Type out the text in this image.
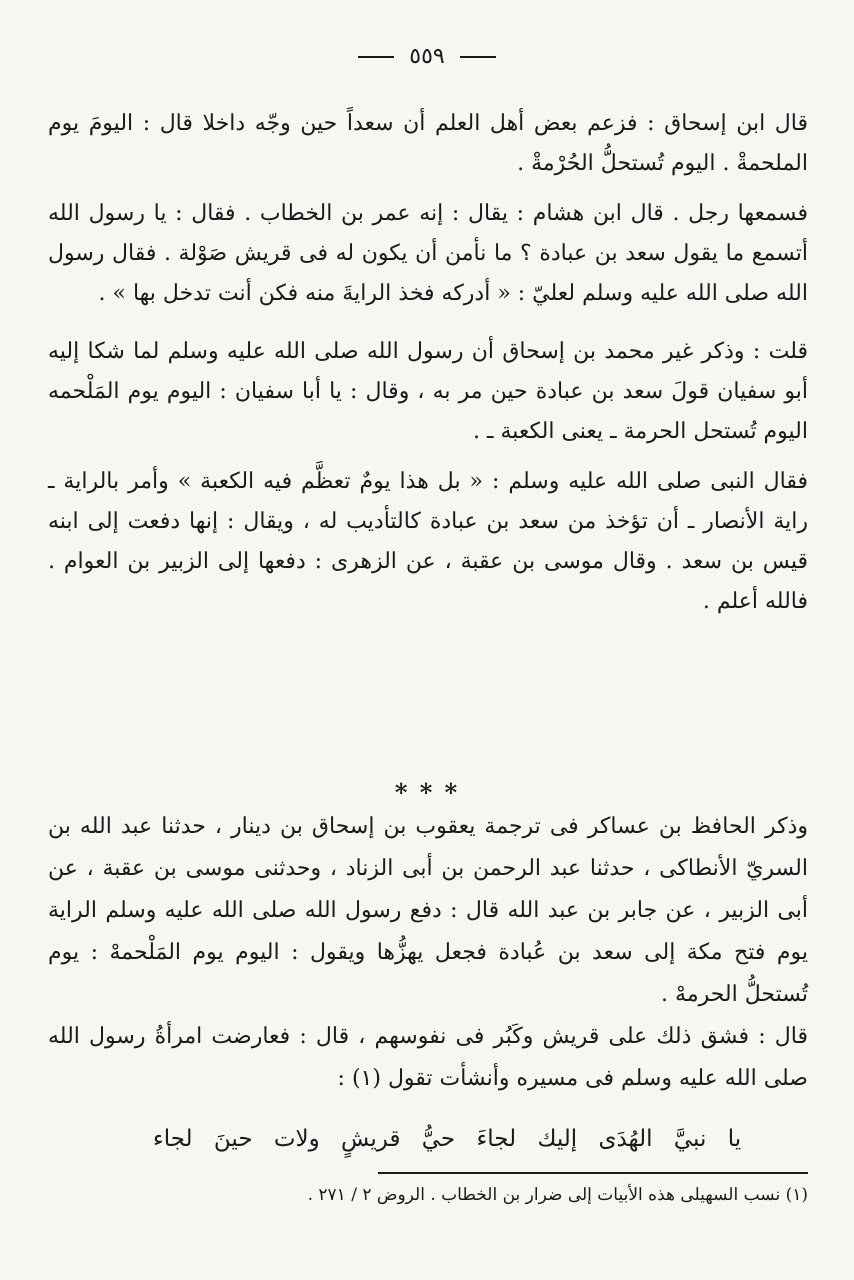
٥٥٩

قال ابن إسحاق : فزعم بعض أهل العلم أن سعداً حين وجّه داخلا قال : اليومَ يوم الملحمةْ . اليوم تُستحلُّ الحُرْمةْ .

فسمعها رجل . قال ابن هشام : يقال : إنه عمر بن الخطاب . فقال : يا رسول الله أتسمع ما يقول سعد بن عبادة ؟ ما نأمن أن يكون له فى قريش صَوْلة . فقال رسول الله صلى الله عليه وسلم لعليّ : « أدركه فخذ الرايةَ منه فكن أنت تدخل بها » .

قلت : وذكر غير محمد بن إسحاق أن رسول الله صلى الله عليه وسلم لما شكا إليه أبو سفيان قولَ سعد بن عبادة حين مر به ، وقال : يا أبا سفيان : اليوم يوم المَلْحمه اليوم تُستحل الحرمة ـ يعنى الكعبة ـ .

فقال النبى صلى الله عليه وسلم : « بل هذا يومٌ تعظَّم فيه الكعبة » وأمر بالراية ـ راية الأنصار ـ أن تؤخذ من سعد بن عبادة كالتأديب له ، ويقال : إنها دفعت إلى ابنه قيس بن سعد . وقال موسى بن عقبة ، عن الزهرى : دفعها إلى الزبير بن العوام . فالله أعلم .

* * *

وذكر الحافظ بن عساكر فى ترجمة يعقوب بن إسحاق بن دينار ، حدثنا عبد الله بن السريّ الأنطاكى ، حدثنا عبد الرحمن بن أبى الزناد ، وحدثنى موسى بن عقبة ، عن أبى الزبير ، عن جابر بن عبد الله قال : دفع رسول الله صلى الله عليه وسلم الراية يوم فتح مكة إلى سعد بن عُبادة فجعل يهزُّها ويقول : اليوم يوم المَلْحمهْ : يوم تُستحلُّ الحرمهْ .

قال : فشق ذلك على قريش وكَبُر فى نفوسهم ، قال : فعارضت امرأةُ رسول الله صلى الله عليه وسلم فى مسيره وأنشأت تقول (١) :

يا نبيَّ الهُدَى إليك لجاءَ حيُّ قريشٍ ولات حينَ لجاء
(١) نسب السهيلى هذه الأبيات إلى ضرار بن الخطاب . الروض ٢ / ٢٧١ .
